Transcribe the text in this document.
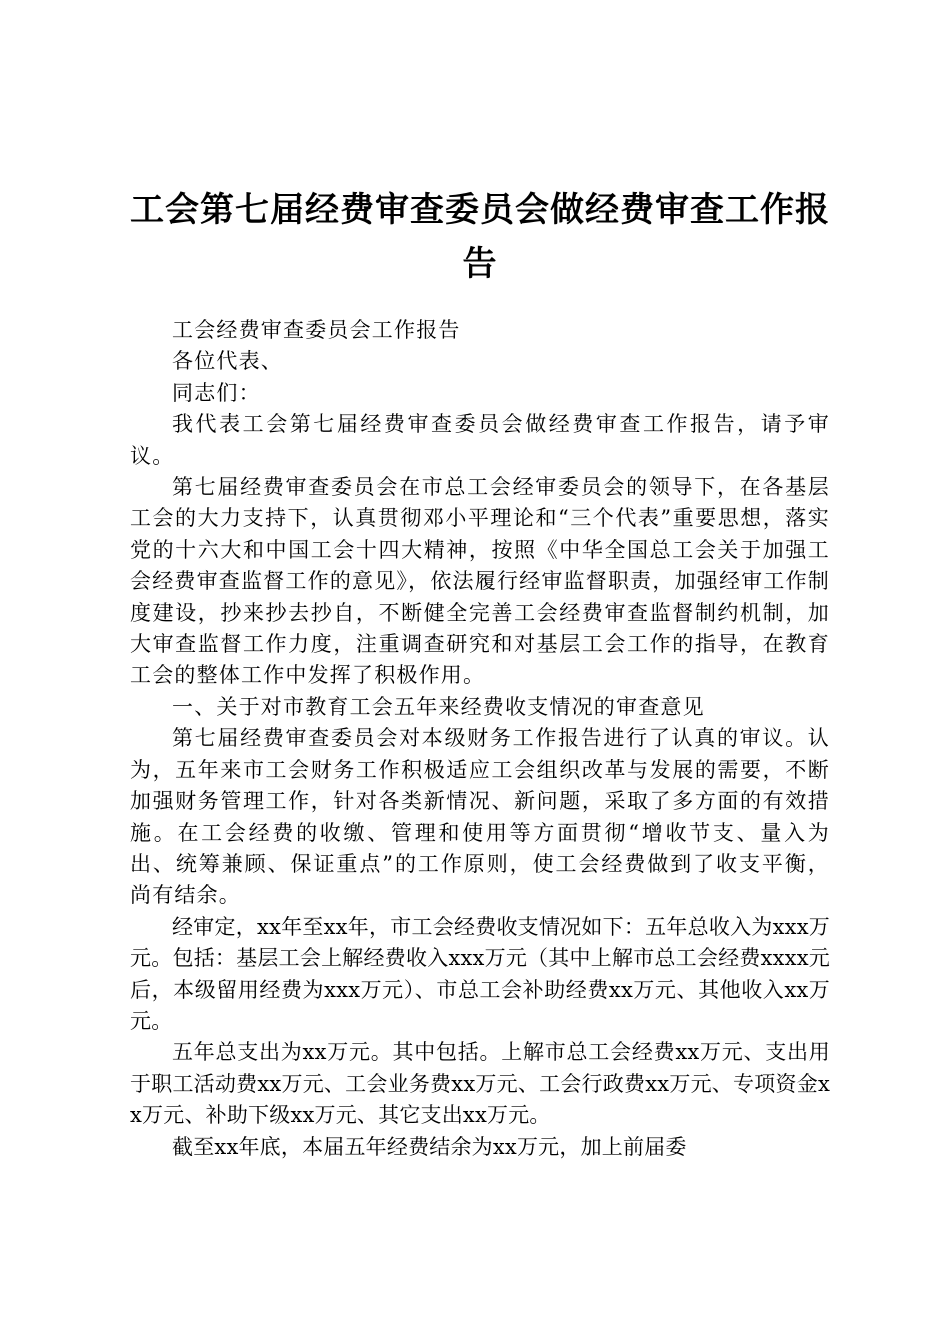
工会第七届经费审查委员会做经费审查工作报告

工会经费审查委员会工作报告

各位代表、

同志们：

我代表工会第七届经费审查委员会做经费审查工作报告，请予审议。

第七届经费审查委员会在市总工会经审委员会的领导下，在各基层工会的大力支持下，认真贯彻邓小平理论和“三个代表”重要思想，落实党的十六大和中国工会十四大精神，按照《中华全国总工会关于加强工会经费审查监督工作的意见》，依法履行经审监督职责，加强经审工作制度建设，抄来抄去抄自，不断健全完善工会经费审查监督制约机制，加大审查监督工作力度，注重调查研究和对基层工会工作的指导，在教育工会的整体工作中发挥了积极作用。

一、关于对市教育工会五年来经费收支情况的审查意见

第七届经费审查委员会对本级财务工作报告进行了认真的审议。认为，五年来市工会财务工作积极适应工会组织改革与发展的需要，不断加强财务管理工作，针对各类新情况、新问题，采取了多方面的有效措施。在工会经费的收缴、管理和使用等方面贯彻“增收节支、量入为出、统筹兼顾、保证重点”的工作原则，使工会经费做到了收支平衡，尚有结余。

经审定，xx年至xx年，市工会经费收支情况如下：五年总收入为xxx万元。包括：基层工会上解经费收入xxx万元（其中上解市总工会经费xxxx元后，本级留用经费为xxx万元）、市总工会补助经费xx万元、其他收入xx万元。

五年总支出为xx万元。其中包括。上解市总工会经费xx万元、支出用于职工活动费xx万元、工会业务费xx万元、工会行政费xx万元、专项资金xx万元、补助下级xx万元、其它支出xx万元。

截至xx年底，本届五年经费结余为xx万元，加上前届委
